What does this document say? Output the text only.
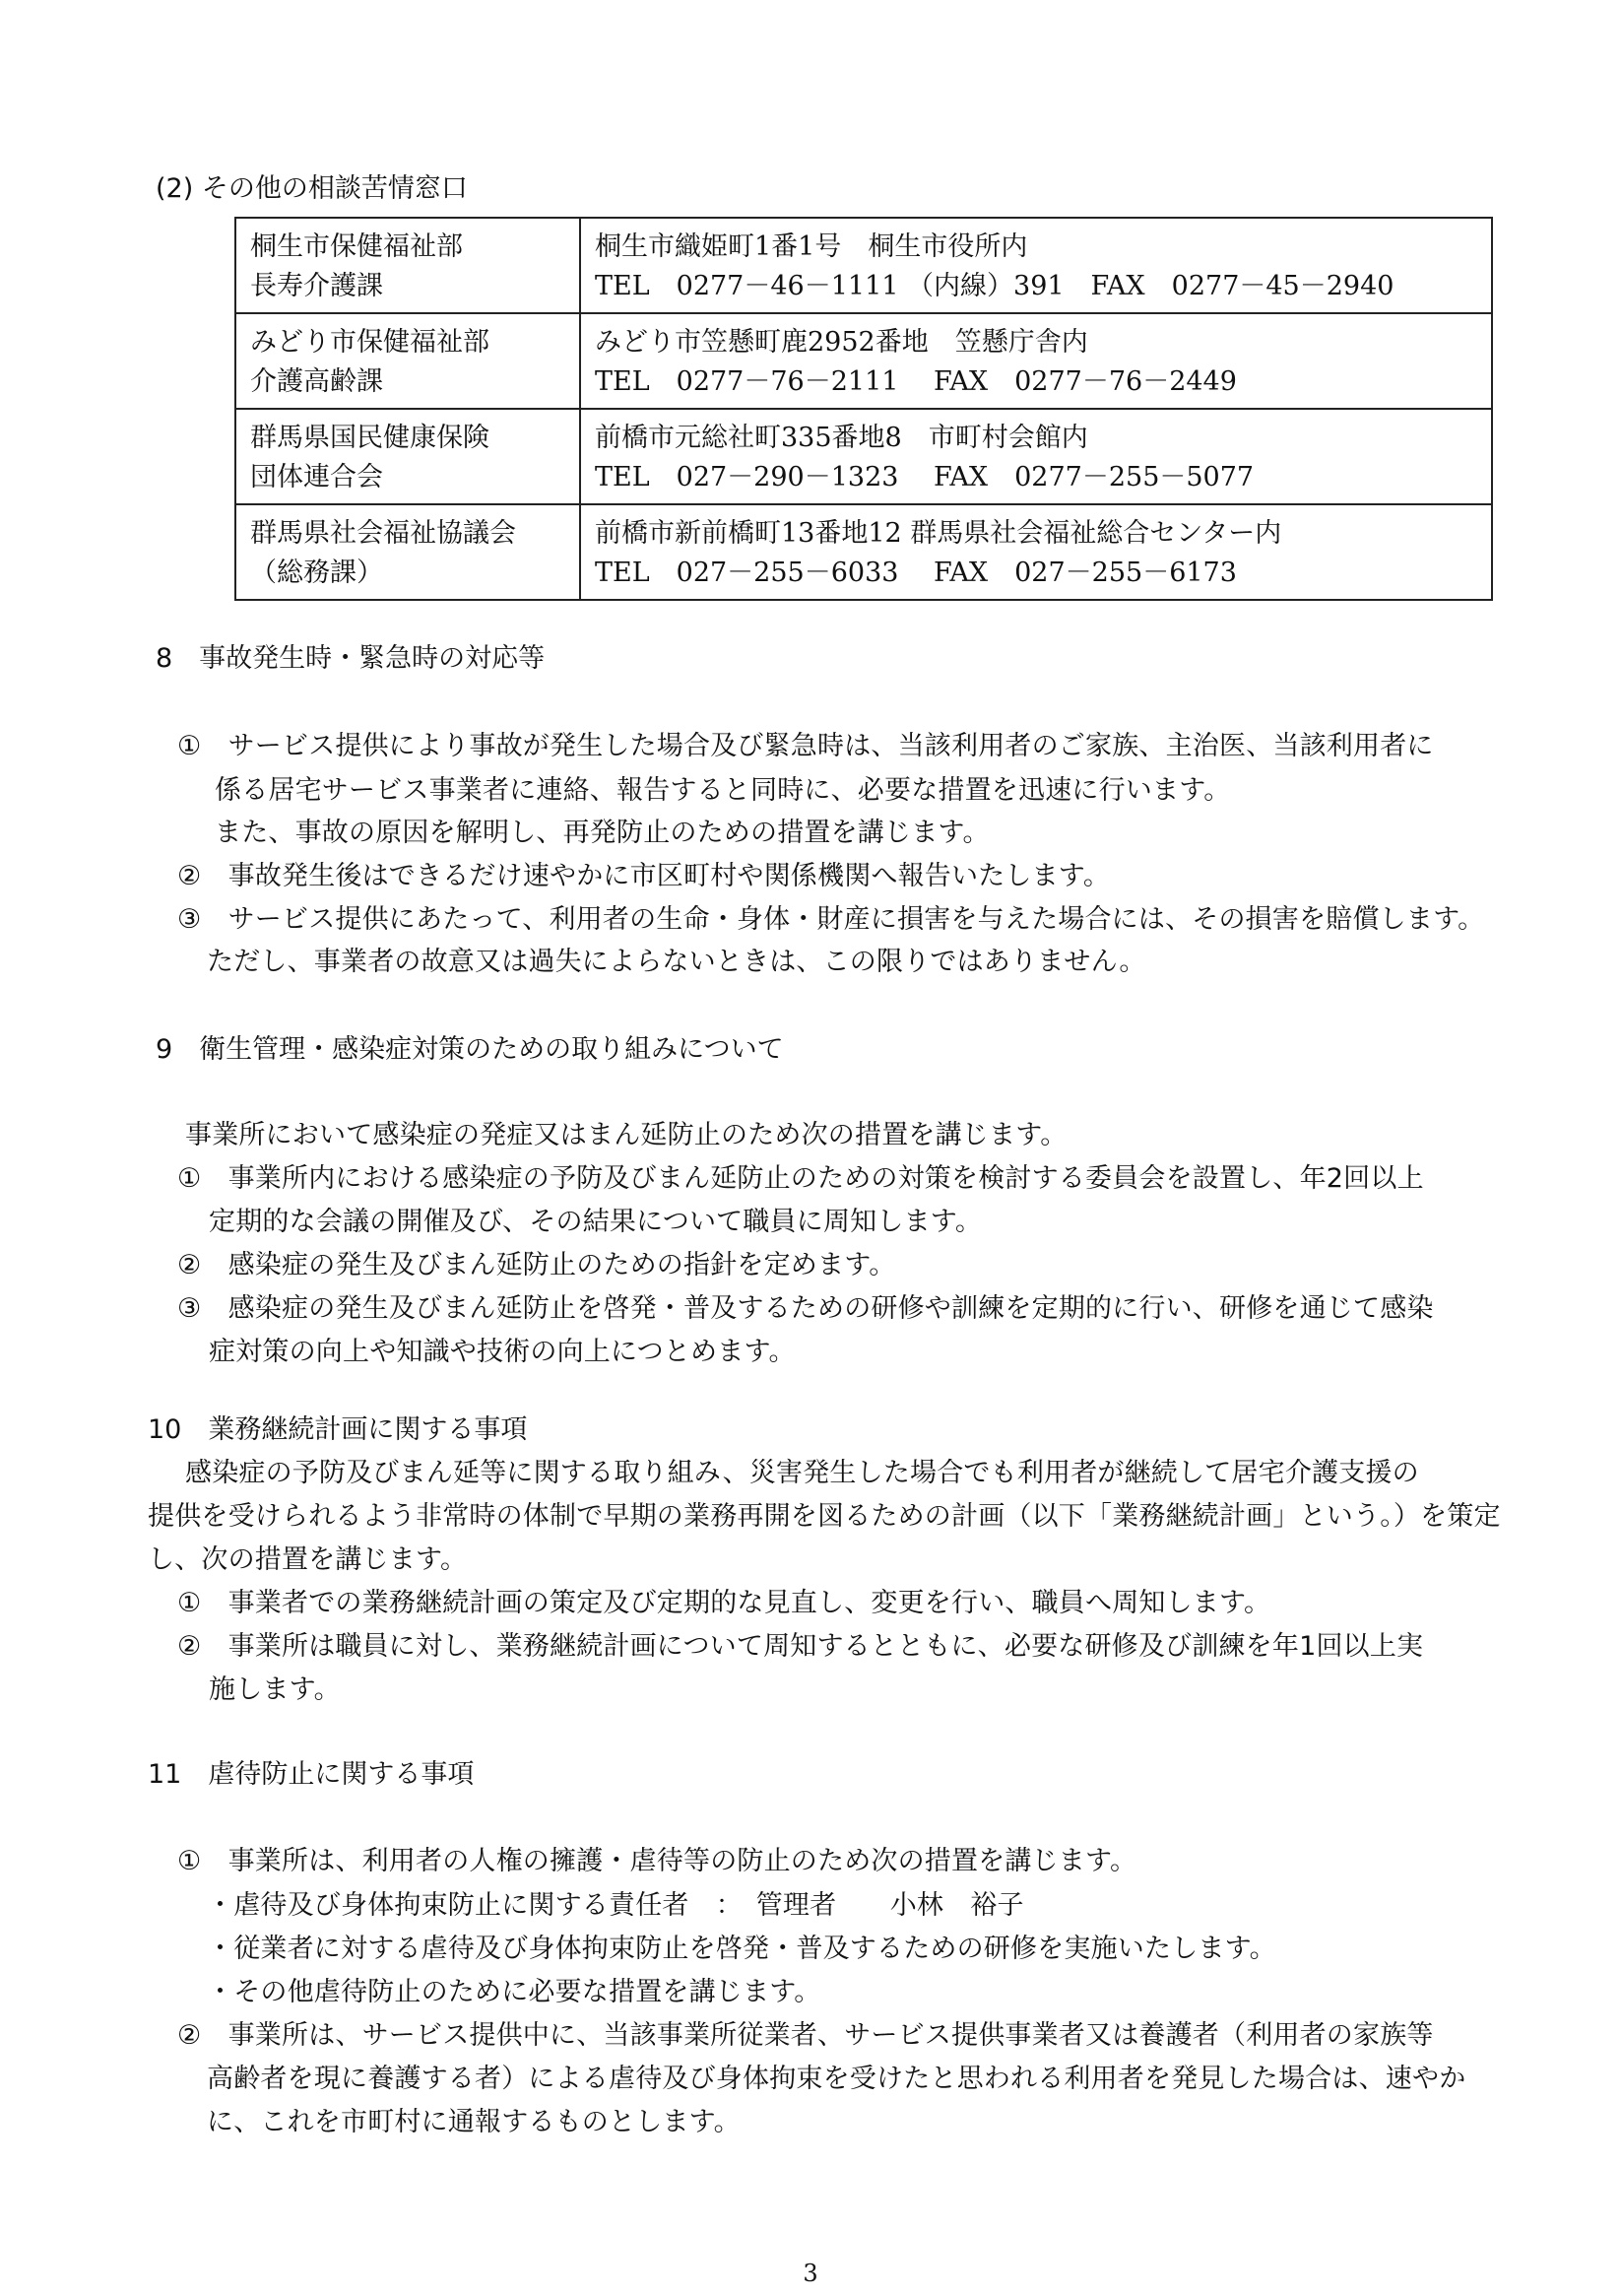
(2) その他の相談苦情窓口
桐生市保健福祉部
長寿介護課	桐生市織姫町1番1号　桐生市役所内
TEL　0277－46－1111 （内線）391　FAX　0277－45－2940

みどり市保健福祉部
介護高齢課	みどり市笠懸町鹿2952番地　笠懸庁舎内
TEL　0277－76－2111　 FAX　0277－76－2449

群馬県国民健康保険
団体連合会	前橋市元総社町335番地8　市町村会館内
TEL　027－290－1323　 FAX　0277－255－5077

群馬県社会福祉協議会
（総務課）	前橋市新前橋町13番地12 群馬県社会福祉総合センター内
TEL　027－255－6033　 FAX　027－255－6173
8　事故発生時・緊急時の対応等
①　サービス提供により事故が発生した場合及び緊急時は、当該利用者のご家族、主治医、当該利用者に
係る居宅サービス事業者に連絡、報告すると同時に、必要な措置を迅速に行います。
また、事故の原因を解明し、再発防止のための措置を講じます。
②　事故発生後はできるだけ速やかに市区町村や関係機関へ報告いたします。
③　サービス提供にあたって、利用者の生命・身体・財産に損害を与えた場合には、その損害を賠償します。
ただし、事業者の故意又は過失によらないときは、この限りではありません。
9　衛生管理・感染症対策のための取り組みについて
事業所において感染症の発症又はまん延防止のため次の措置を講じます。
①　事業所内における感染症の予防及びまん延防止のための対策を検討する委員会を設置し、年2回以上
定期的な会議の開催及び、その結果について職員に周知します。
②　感染症の発生及びまん延防止のための指針を定めます。
③　感染症の発生及びまん延防止を啓発・普及するための研修や訓練を定期的に行い、研修を通じて感染
症対策の向上や知識や技術の向上につとめます。
10　業務継続計画に関する事項
感染症の予防及びまん延等に関する取り組み、災害発生した場合でも利用者が継続して居宅介護支援の
提供を受けられるよう非常時の体制で早期の業務再開を図るための計画（以下「業務継続計画」という。）を策定
し、次の措置を講じます。
①　事業者での業務継続計画の策定及び定期的な見直し、変更を行い、職員へ周知します。
②　事業所は職員に対し、業務継続計画について周知するとともに、必要な研修及び訓練を年1回以上実
施します。
11　虐待防止に関する事項
①　事業所は、利用者の人権の擁護・虐待等の防止のため次の措置を講じます。
・虐待及び身体拘束防止に関する責任者　：　管理者　　小林　裕子
・従業者に対する虐待及び身体拘束防止を啓発・普及するための研修を実施いたします。
・その他虐待防止のために必要な措置を講じます。
②　事業所は、サービス提供中に、当該事業所従業者、サービス提供事業者又は養護者（利用者の家族等
高齢者を現に養護する者）による虐待及び身体拘束を受けたと思われる利用者を発見した場合は、速やか
に、これを市町村に通報するものとします。
3
